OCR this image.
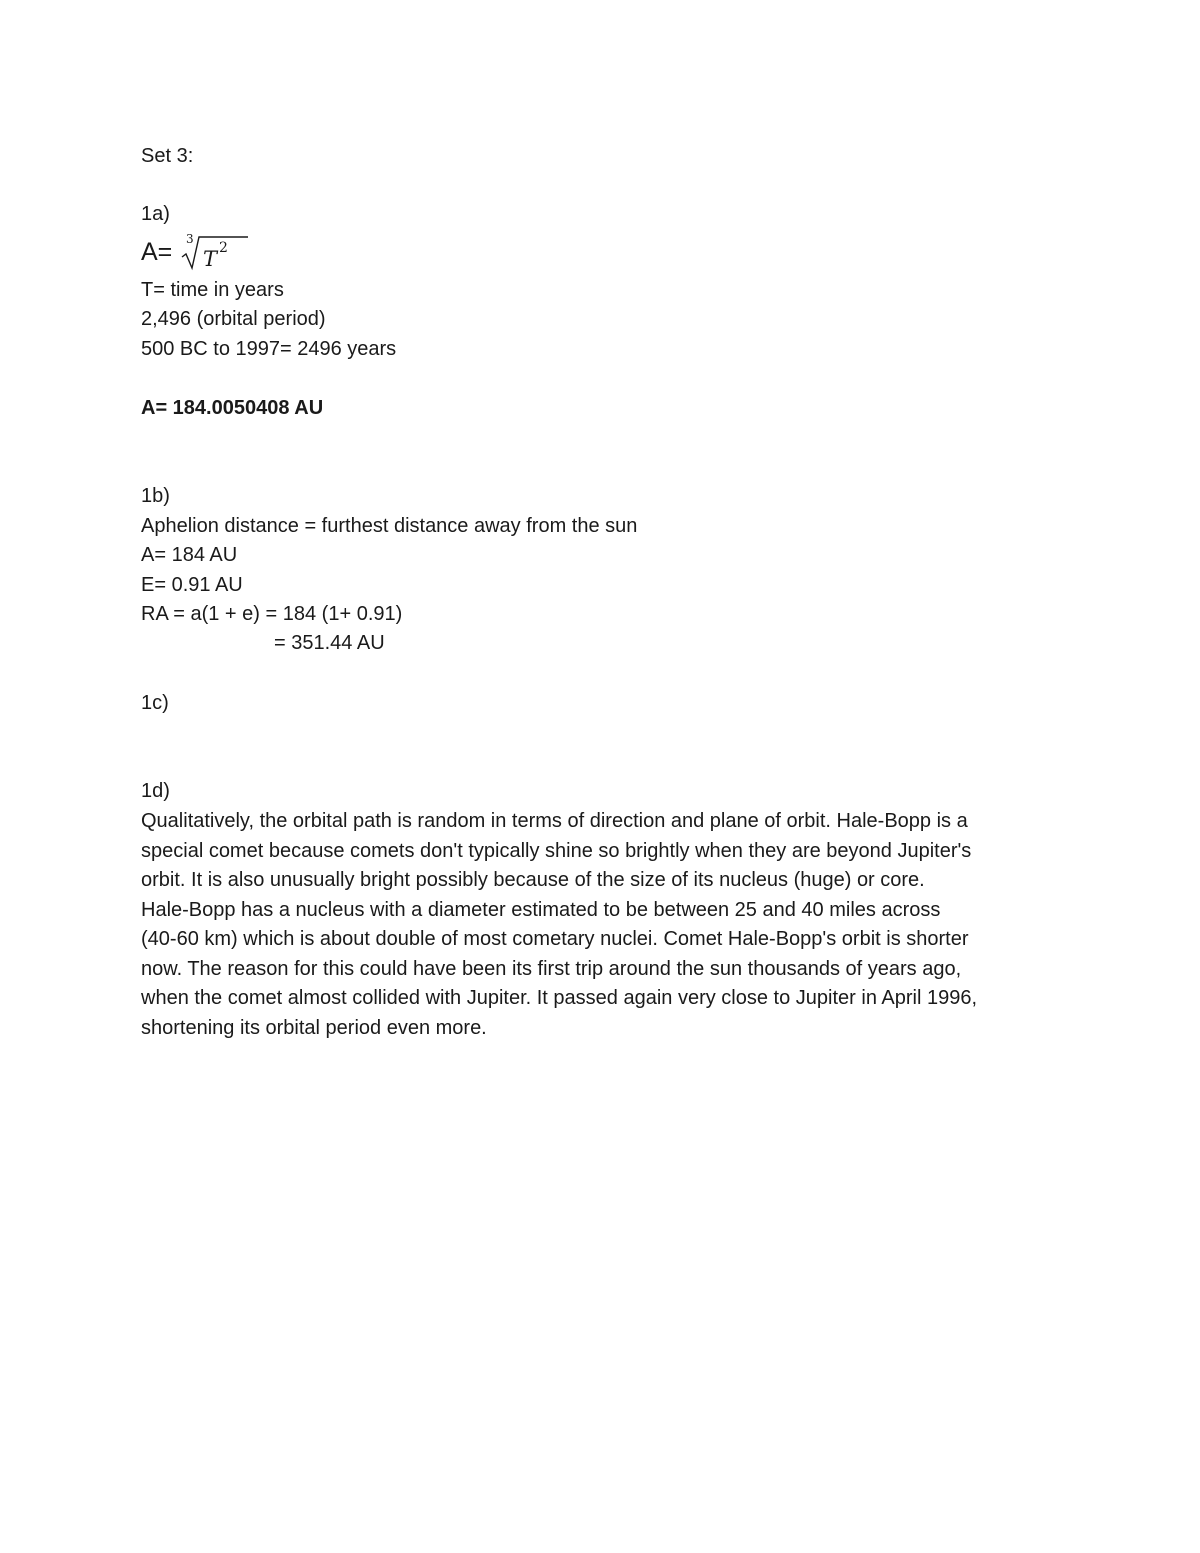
Set 3:
1a)
A= 3
T 2
T= time in years
2,496 (orbital period)
500 BC to 1997= 2496 years
A= 184.0050408 AU
1b)
Aphelion distance = furthest distance away from the sun
A= 184 AU
E= 0.91 AU
RA = a(1 + e) = 184 (1+ 0.91)
= 351.44 AU
1c)
1d)
Qualitatively, the orbital path is random in terms of direction and plane of orbit. Hale-Bopp is a
special comet because comets don't typically shine so brightly when they are beyond Jupiter's
orbit. It is also unusually bright possibly because of the size of its nucleus (huge) or core.
Hale-Bopp has a nucleus with a diameter estimated to be between 25 and 40 miles across
(40-60 km) which is about double of most cometary nuclei. Comet Hale-Bopp's orbit is shorter
now. The reason for this could have been its first trip around the sun thousands of years ago,
when the comet almost collided with Jupiter. It passed again very close to Jupiter in April 1996,
shortening its orbital period even more.
